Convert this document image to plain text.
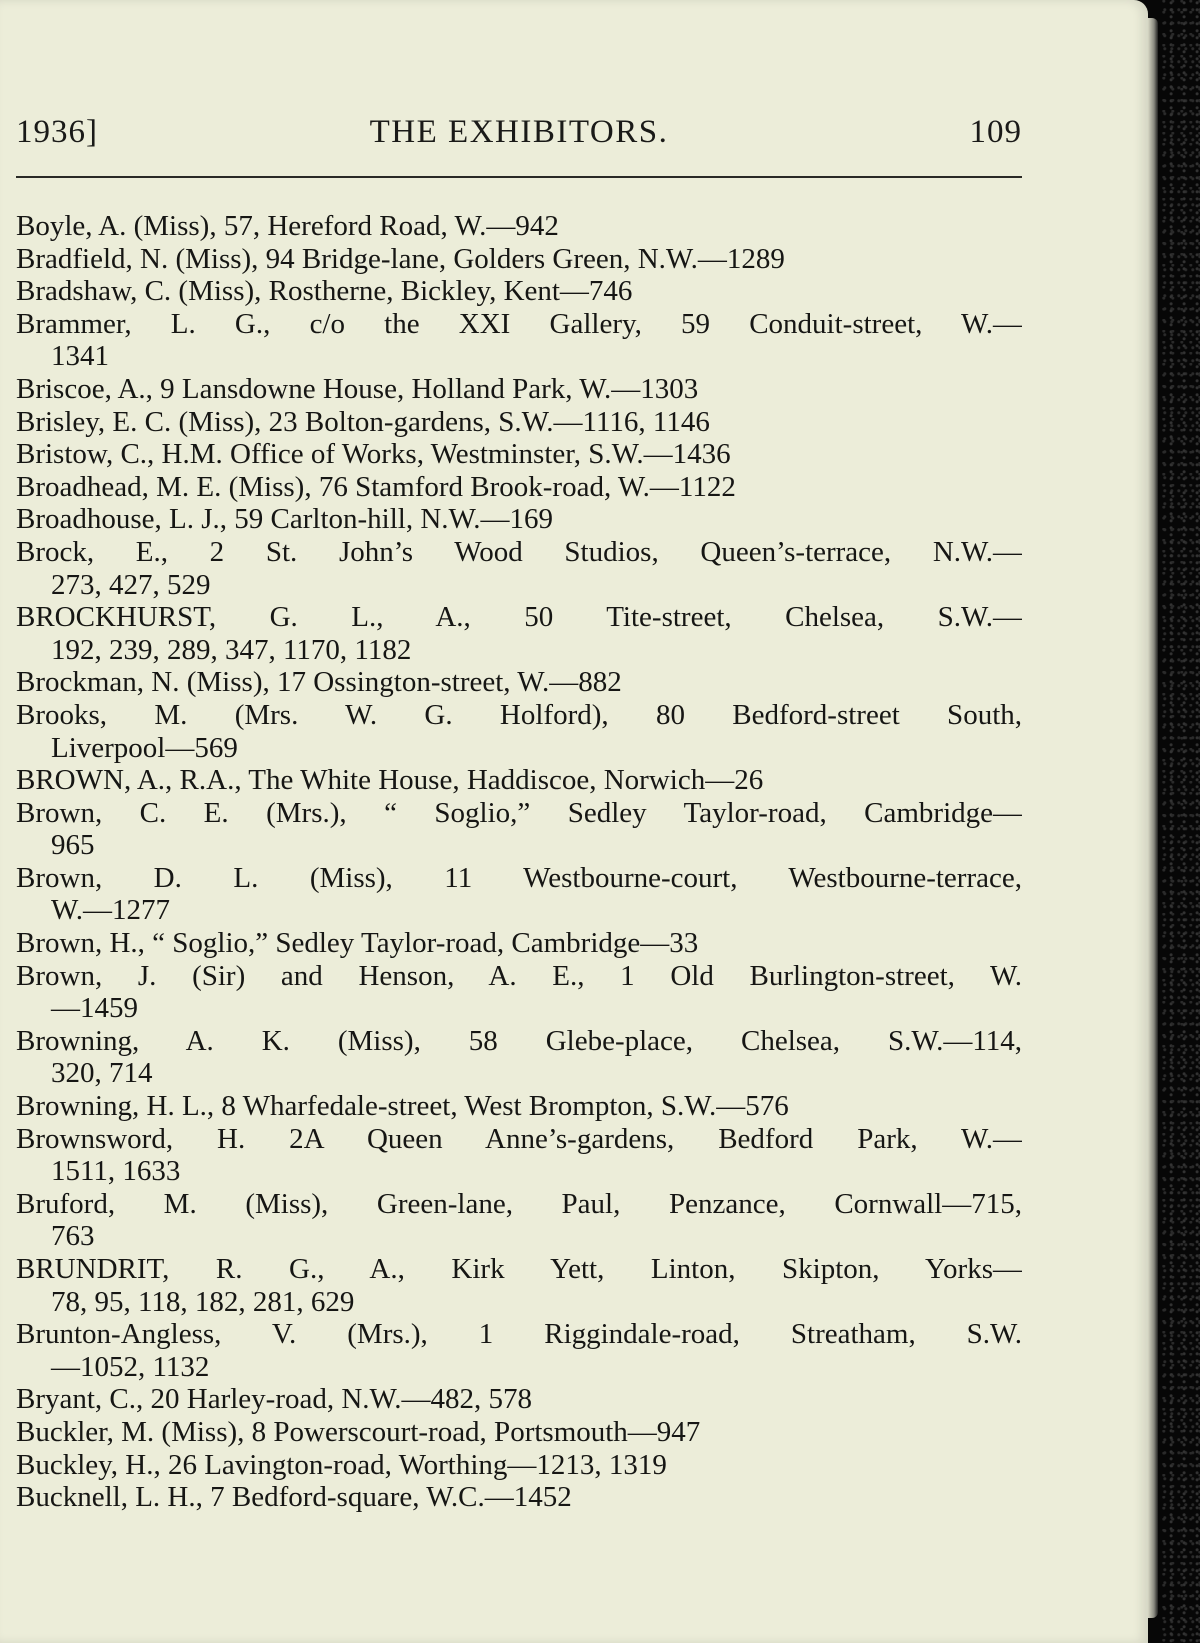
1936]	THE EXHIBITORS.	109
Boyle, A. (Miss), 57, Hereford Road, W.—942
Bradfield, N. (Miss), 94 Bridge-lane, Golders Green, N.W.—1289
Bradshaw, C. (Miss), Rostherne, Bickley, Kent—746
Brammer, L. G., c/o the XXI Gallery, 59 Conduit-street, W.—
1341
Briscoe, A., 9 Lansdowne House, Holland Park, W.—1303
Brisley, E. C. (Miss), 23 Bolton-gardens, S.W.—1116, 1146
Bristow, C., H.M. Office of Works, Westminster, S.W.—1436
Broadhead, M. E. (Miss), 76 Stamford Brook-road, W.—1122
Broadhouse, L. J., 59 Carlton-hill, N.W.—169
Brock, E., 2 St. John’s Wood Studios, Queen’s-terrace, N.W.—
273, 427, 529
BROCKHURST, G. L., A., 50 Tite-street, Chelsea, S.W.—
192, 239, 289, 347, 1170, 1182
Brockman, N. (Miss), 17 Ossington-street, W.—882
Brooks, M. (Mrs. W. G. Holford), 80 Bedford-street South,
Liverpool—569
BROWN, A., R.A., The White House, Haddiscoe, Norwich—26
Brown, C. E. (Mrs.), “ Soglio,” Sedley Taylor-road, Cambridge—
965
Brown, D. L. (Miss), 11 Westbourne-court, Westbourne-terrace,
W.—1277
Brown, H., “ Soglio,” Sedley Taylor-road, Cambridge—33
Brown, J. (Sir) and Henson, A. E., 1 Old Burlington-street, W.
—1459
Browning, A. K. (Miss), 58 Glebe-place, Chelsea, S.W.—114,
320, 714
Browning, H. L., 8 Wharfedale-street, West Brompton, S.W.—576
Brownsword, H. 2A Queen Anne’s-gardens, Bedford Park, W.—
1511, 1633
Bruford, M. (Miss), Green-lane, Paul, Penzance, Cornwall—715,
763
BRUNDRIT, R. G., A., Kirk Yett, Linton, Skipton, Yorks—
78, 95, 118, 182, 281, 629
Brunton-Angless, V. (Mrs.), 1 Riggindale-road, Streatham, S.W.
—1052, 1132
Bryant, C., 20 Harley-road, N.W.—482, 578
Buckler, M. (Miss), 8 Powerscourt-road, Portsmouth—947
Buckley, H., 26 Lavington-road, Worthing—1213, 1319
Bucknell, L. H., 7 Bedford-square, W.C.—1452
